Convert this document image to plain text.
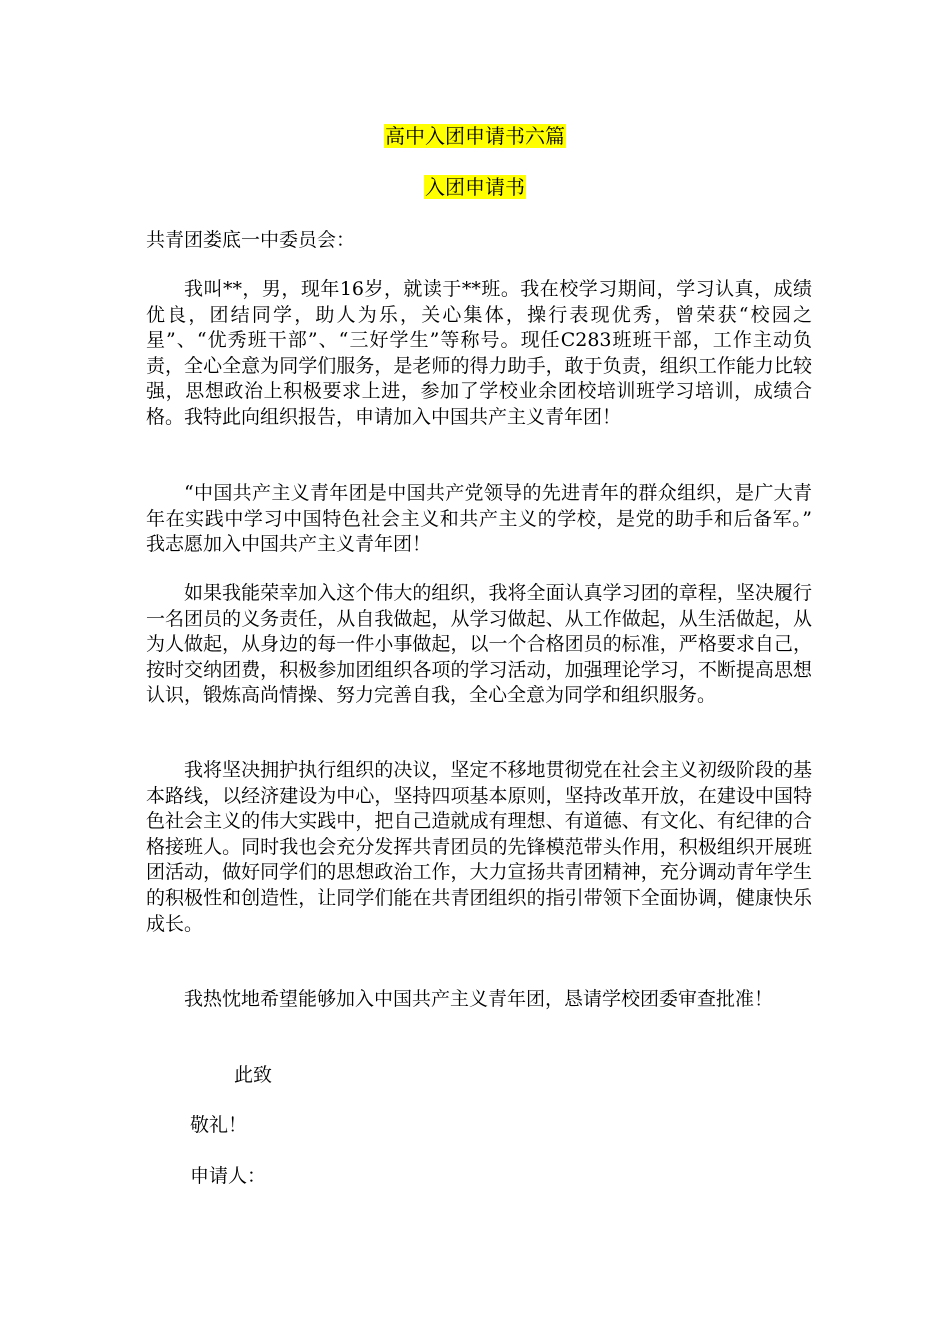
高中入团申请书六篇
入团申请书

共青团娄底一中委员会：

我叫**，男，现年16岁，就读于**班。我在校学习期间，学习认真，成绩优良，团结同学，助人为乐，关心集体，操行表现优秀，曾荣获“校园之星”、“优秀班干部”、“三好学生”等称号。现任C283班班干部，工作主动负责，全心全意为同学们服务，是老师的得力助手，敢于负责，组织工作能力比较强，思想政治上积极要求上进，参加了学校业余团校培训班学习培训，成绩合格。我特此向组织报告，申请加入中国共产主义青年团！

“中国共产主义青年团是中国共产党领导的先进青年的群众组织，是广大青年在实践中学习中国特色社会主义和共产主义的学校，是党的助手和后备军。” 我志愿加入中国共产主义青年团！

如果我能荣幸加入这个伟大的组织，我将全面认真学习团的章程，坚决履行一名团员的义务责任，从自我做起，从学习做起、从工作做起，从生活做起，从为人做起，从身边的每一件小事做起，以一个合格团员的标准，严格要求自己，按时交纳团费，积极参加团组织各项的学习活动，加强理论学习，不断提高思想认识，锻炼高尚情操、努力完善自我，全心全意为同学和组织服务。

我将坚决拥护执行组织的决议，坚定不移地贯彻党在社会主义初级阶段的基本路线，以经济建设为中心，坚持四项基本原则，坚持改革开放，在建设中国特色社会主义的伟大实践中，把自己造就成有理想、有道德、有文化、有纪律的合格接班人。同时我也会充分发挥共青团员的先锋模范带头作用，积极组织开展班团活动，做好同学们的思想政治工作，大力宣扬共青团精神，充分调动青年学生的积极性和创造性，让同学们能在共青团组织的指引带领下全面协调，健康快乐成长。

我热忱地希望能够加入中国共产主义青年团，恳请学校团委审查批准！

此致

敬礼！

申请人：
